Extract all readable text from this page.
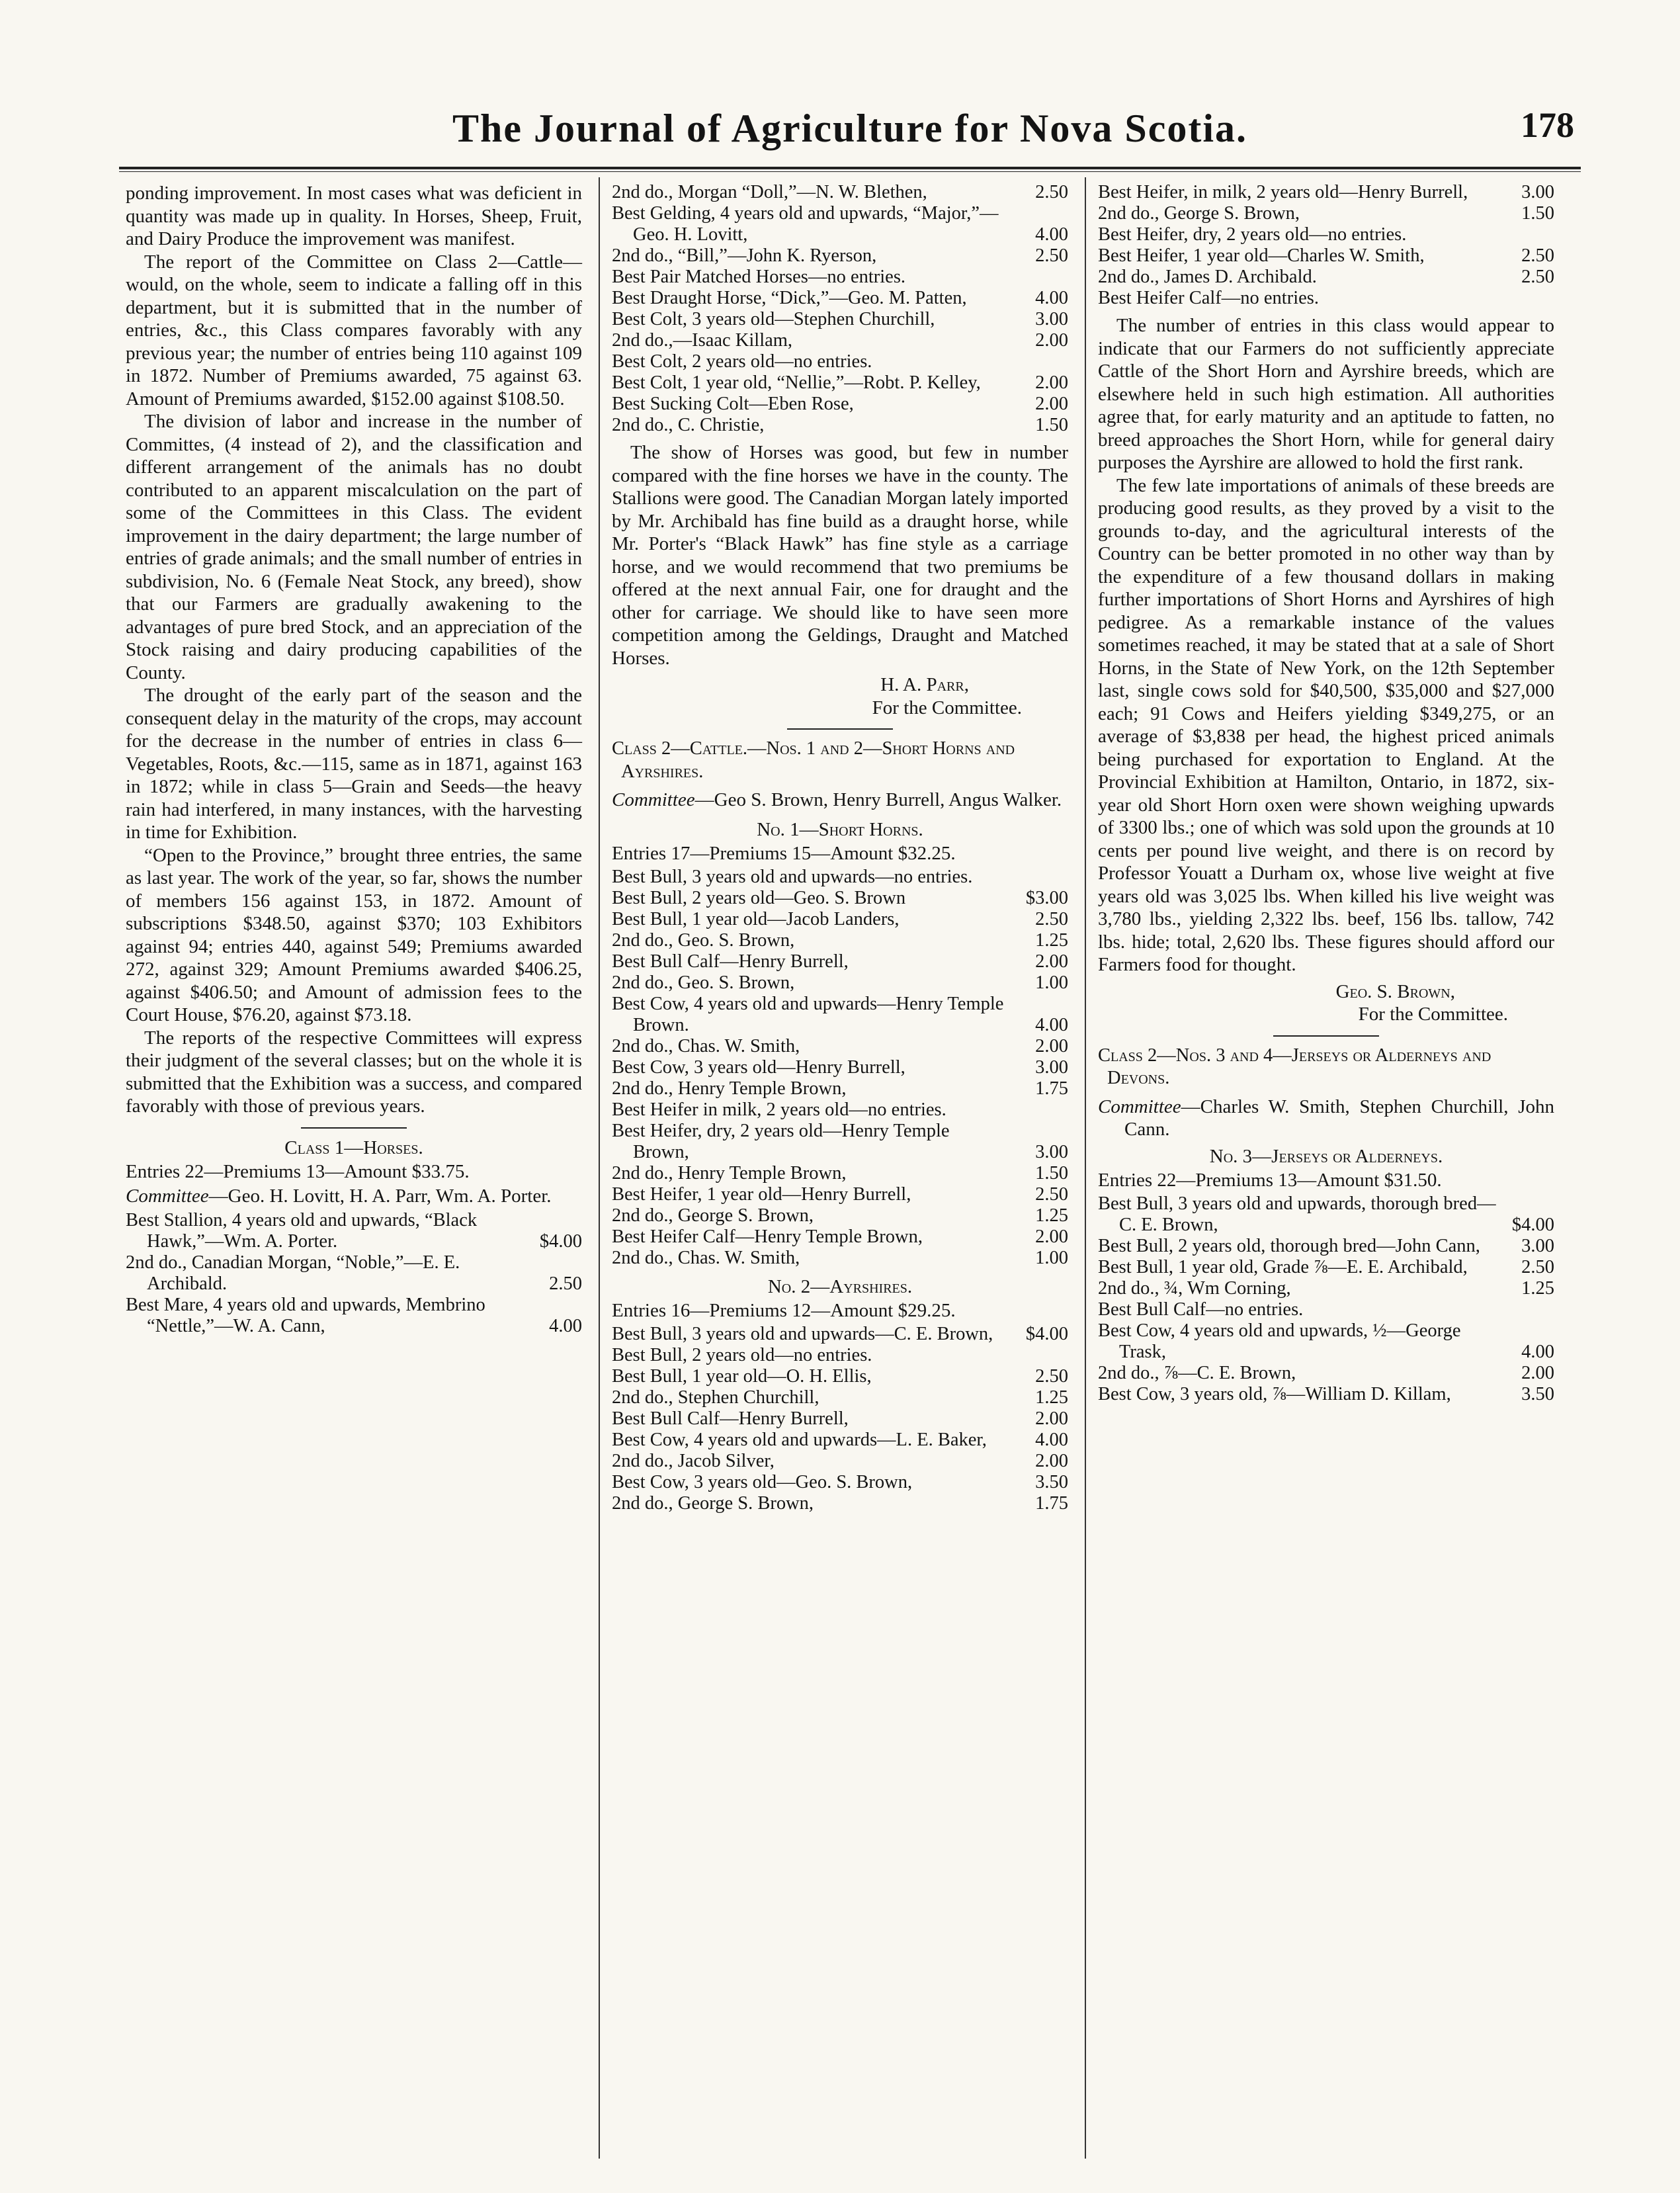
The Journal of Agriculture for Nova Scotia.	178

ponding improvement. In most cases what was deficient in quantity was made up in quality. In Horses, Sheep, Fruit, and Dairy Produce the improvement was manifest.

The report of the Committee on Class 2—Cattle—would, on the whole, seem to indicate a falling off in this department, but it is submitted that in the number of entries, &c., this Class compares favorably with any previous year; the number of entries being 110 against 109 in 1872. Number of Premiums awarded, 75 against 63. Amount of Premiums awarded, $152.00 against $108.50.

The division of labor and increase in the number of Committes, (4 instead of 2), and the classification and different arrangement of the animals has no doubt contributed to an apparent miscalculation on the part of some of the Committees in this Class. The evident improvement in the dairy department; the large number of entries of grade animals; and the small number of entries in subdivision, No. 6 (Female Neat Stock, any breed), show that our Farmers are gradually awakening to the advantages of pure bred Stock, and an appreciation of the Stock raising and dairy producing capabilities of the County.

The drought of the early part of the season and the consequent delay in the maturity of the crops, may account for the decrease in the number of entries in class 6—Vegetables, Roots, &c.—115, same as in 1871, against 163 in 1872; while in class 5—Grain and Seeds—the heavy rain had interfered, in many instances, with the harvesting in time for Exhibition.

“Open to the Province,” brought three entries, the same as last year. The work of the year, so far, shows the number of members 156 against 153, in 1872. Amount of subscriptions $348.50, against $370; 103 Exhibitors against 94; entries 440, against 549; Premiums awarded 272, against 329; Amount Premiums awarded $406.25, against $406.50; and Amount of admission fees to the Court House, $76.20, against $73.18.

The reports of the respective Committees will express their judgment of the several classes; but on the whole it is submitted that the Exhibition was a success, and compared favorably with those of previous years.

Class 1—Horses.
Entries 22—Premiums 13—Amount $33.75.
Committee—Geo. H. Lovitt, H. A. Parr, Wm. A. Porter.
Best Stallion, 4 years old and upwards, “Black Hawk,”—Wm. A. Porter.	$4.00
2nd do., Canadian Morgan, “Noble,”—E. E. Archibald.	2.50
Best Mare, 4 years old and upwards, Membrino “Nettle,”—W. A. Cann,	4.00
2nd do., Morgan “Doll,”—N. W. Blethen,	2.50
Best Gelding, 4 years old and upwards, “Major,”—Geo. H. Lovitt,	4.00
2nd do., “Bill,”—John K. Ryerson,	2.50
Best Pair Matched Horses—no entries.
Best Draught Horse, “Dick,”—Geo. M. Patten,	4.00
Best Colt, 3 years old—Stephen Churchill,	3.00
2nd do.,—Isaac Killam,	2.00
Best Colt, 2 years old—no entries.
Best Colt, 1 year old, “Nellie,”—Robt. P. Kelley,	2.00
Best Sucking Colt—Eben Rose,	2.00
2nd do., C. Christie,	1.50

The show of Horses was good, but few in number compared with the fine horses we have in the county. The Stallions were good. The Canadian Morgan lately imported by Mr. Archibald has fine build as a draught horse, while Mr. Porter's “Black Hawk” has fine style as a carriage horse, and we would recommend that two premiums be offered at the next annual Fair, one for draught and the other for carriage. We should like to have seen more competition among the Geldings, Draught and Matched Horses.

H. A. Parr,
For the Committee.
Class 2—Cattle.—Nos. 1 and 2—Short Horns and Ayrshires.
Committee—Geo S. Brown, Henry Burrell, Angus Walker.
No. 1—Short Horns.
Entries 17—Premiums 15—Amount $32.25.
Best Bull, 3 years old and upwards—no entries.
Best Bull, 2 years old—Geo. S. Brown	$3.00
Best Bull, 1 year old—Jacob Landers,	2.50
2nd do., Geo. S. Brown,	1.25
Best Bull Calf—Henry Burrell,	2.00
2nd do., Geo. S. Brown,	1.00
Best Cow, 4 years old and upwards—Henry Temple Brown.	4.00
2nd do., Chas. W. Smith,	2.00
Best Cow, 3 years old—Henry Burrell,	3.00
2nd do., Henry Temple Brown,	1.75
Best Heifer in milk, 2 years old—no entries.
Best Heifer, dry, 2 years old—Henry Temple Brown,	3.00
2nd do., Henry Temple Brown,	1.50
Best Heifer, 1 year old—Henry Burrell,	2.50
2nd do., George S. Brown,	1.25
Best Heifer Calf—Henry Temple Brown,	2.00
2nd do., Chas. W. Smith,	1.00
No. 2—Ayrshires.
Entries 16—Premiums 12—Amount $29.25.
Best Bull, 3 years old and upwards—C. E. Brown,	$4.00
Best Bull, 2 years old—no entries.
Best Bull, 1 year old—O. H. Ellis,	2.50
2nd do., Stephen Churchill,	1.25
Best Bull Calf—Henry Burrell,	2.00
Best Cow, 4 years old and upwards—L. E. Baker,	4.00
2nd do., Jacob Silver,	2.00
Best Cow, 3 years old—Geo. S. Brown,	3.50
2nd do., George S. Brown,	1.75
Best Heifer, in milk, 2 years old—Henry Burrell,	3.00
2nd do., George S. Brown,	1.50
Best Heifer, dry, 2 years old—no entries.
Best Heifer, 1 year old—Charles W. Smith,	2.50
2nd do., James D. Archibald.	2.50
Best Heifer Calf—no entries.

The number of entries in this class would appear to indicate that our Farmers do not sufficiently appreciate Cattle of the Short Horn and Ayrshire breeds, which are elsewhere held in such high estimation. All authorities agree that, for early maturity and an aptitude to fatten, no breed approaches the Short Horn, while for general dairy purposes the Ayrshire are allowed to hold the first rank.

The few late importations of animals of these breeds are producing good results, as they proved by a visit to the grounds to-day, and the agricultural interests of the Country can be better promoted in no other way than by the expenditure of a few thousand dollars in making further importations of Short Horns and Ayrshires of high pedigree. As a remarkable instance of the values sometimes reached, it may be stated that at a sale of Short Horns, in the State of New York, on the 12th September last, single cows sold for $40,500, $35,000 and $27,000 each; 91 Cows and Heifers yielding $349,275, or an average of $3,838 per head, the highest priced animals being purchased for exportation to England. At the Provincial Exhibition at Hamilton, Ontario, in 1872, six-year old Short Horn oxen were shown weighing upwards of 3300 lbs.; one of which was sold upon the grounds at 10 cents per pound live weight, and there is on record by Professor Youatt a Durham ox, whose live weight at five years old was 3,025 lbs. When killed his live weight was 3,780 lbs., yielding 2,322 lbs. beef, 156 lbs. tallow, 742 lbs. hide; total, 2,620 lbs. These figures should afford our Farmers food for thought.

Geo. S. Brown,
For the Committee.
Class 2—Nos. 3 and 4—Jerseys or Alderneys and Devons.
Committee—Charles W. Smith, Stephen Churchill, John Cann.
No. 3—Jerseys or Alderneys.
Entries 22—Premiums 13—Amount $31.50.
Best Bull, 3 years old and upwards, thorough bred—C. E. Brown,	$4.00
Best Bull, 2 years old, thorough bred—John Cann,	3.00
Best Bull, 1 year old, Grade ⅞—E. E. Archibald,	2.50
2nd do., ¾, Wm Corning,	1.25
Best Bull Calf—no entries.
Best Cow, 4 years old and upwards, ½—George Trask,	4.00
2nd do., ⅞—C. E. Brown,	2.00
Best Cow, 3 years old, ⅞—William D. Killam,	3.50
